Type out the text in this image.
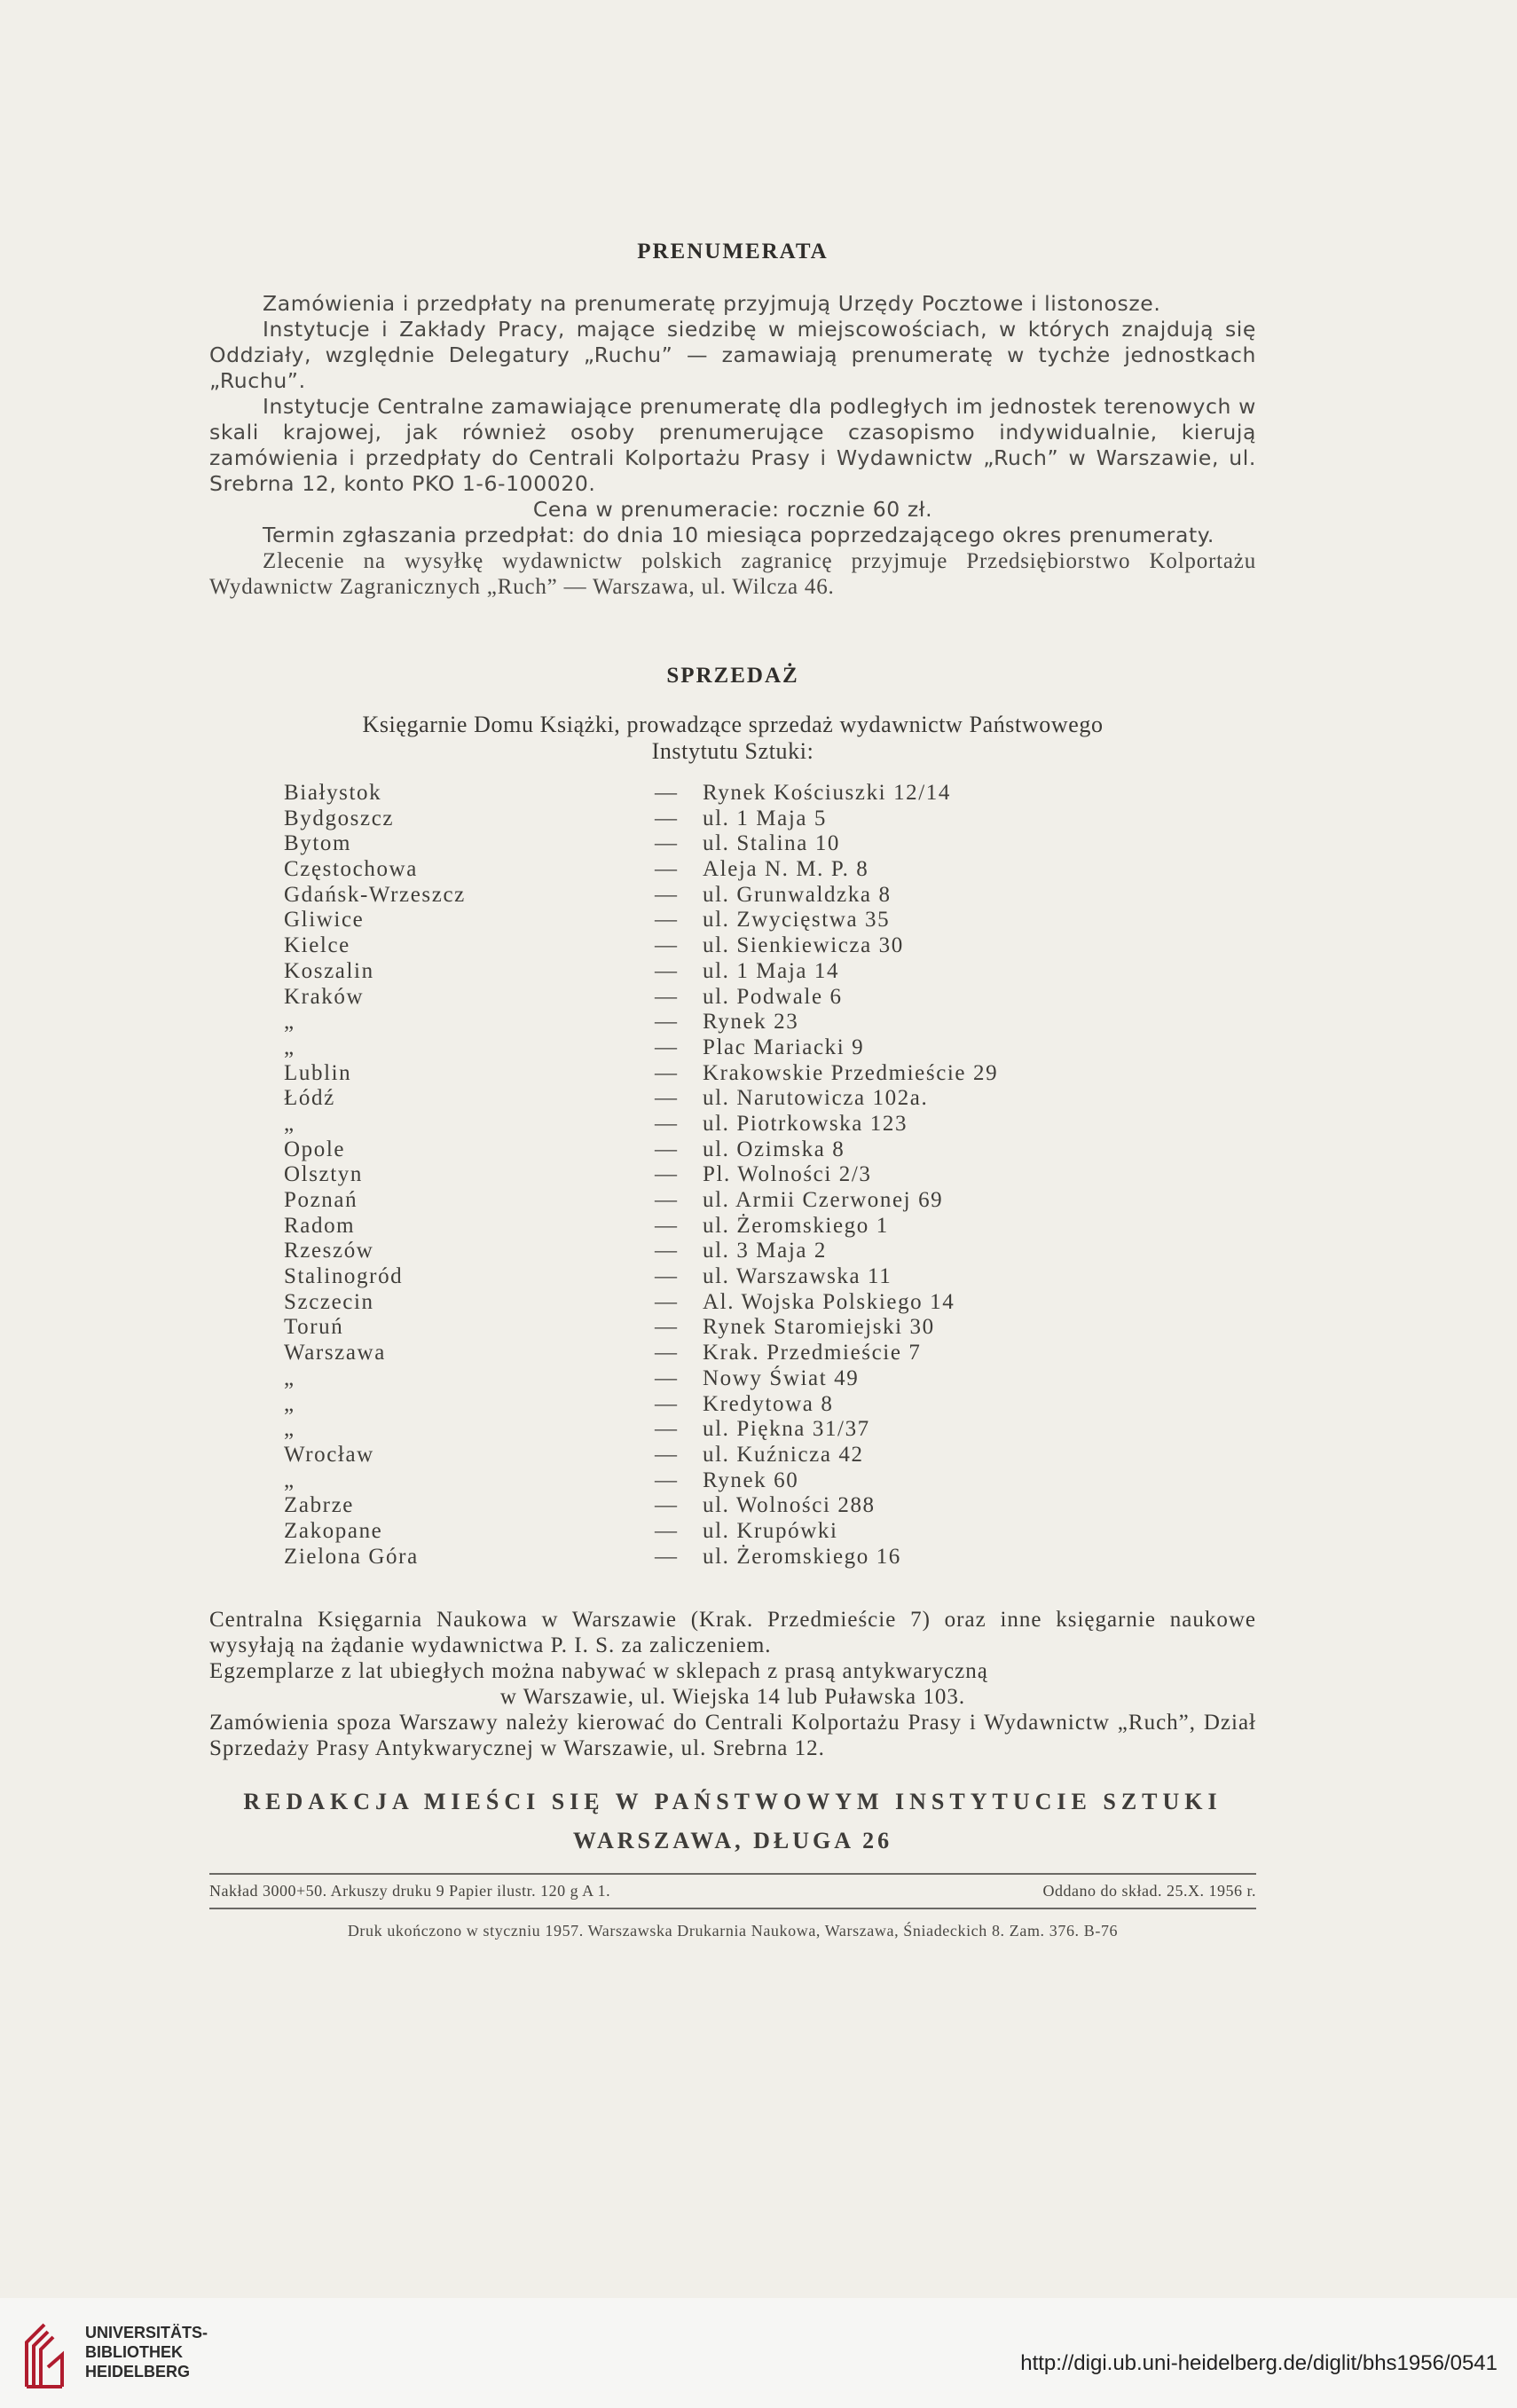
PRENUMERATA

Zamówienia i przedpłaty na prenumeratę przyjmują Urzędy Pocztowe i listonosze.

Instytucje i Zakłady Pracy, mające siedzibę w miejscowościach, w których znajdują się Oddziały, względnie Delegatury „Ruchu” — zamawiają prenumeratę w tychże jednostkach „Ruchu”.

Instytucje Centralne zamawiające prenumeratę dla podległych im jednostek terenowych w skali krajowej, jak również osoby prenumerujące czasopismo indywidualnie, kierują zamówienia i przedpłaty do Centrali Kolportażu Prasy i Wydawnictw „Ruch” w Warszawie, ul. Srebrna 12, konto PKO 1-6-100020.

Cena w prenumeracie: rocznie 60 zł.

Termin zgłaszania przedpłat: do dnia 10 miesiąca poprzedzającego okres prenumeraty.

Zlecenie na wysyłkę wydawnictw polskich zagranicę przyjmuje Przedsiębiorstwo Kolportażu Wydawnictw Zagranicznych „Ruch” — Warszawa, ul. Wilcza 46.

SPRZEDAŻ

Księgarnie Domu Książki, prowadzące sprzedaż wydawnictw Państwowego

Instytutu Sztuki:

Białystok	— Rynek Kościuszki 12/14
Bydgoszcz	— ul. 1 Maja 5
Bytom	— ul. Stalina 10
Częstochowa	— Aleja N. M. P. 8
Gdańsk-Wrzeszcz	— ul. Grunwaldzka 8
Gliwice	— ul. Zwycięstwa 35
Kielce	— ul. Sienkiewicza 30
Koszalin	— ul. 1 Maja 14
Kraków	— ul. Podwale 6
„	— Rynek 23
„	— Plac Mariacki 9
Lublin	— Krakowskie Przedmieście 29
Łódź	— ul. Narutowicza 102a.
„	— ul. Piotrkowska 123
Opole	— ul. Ozimska 8
Olsztyn	— Pl. Wolności 2/3
Poznań	— ul. Armii Czerwonej 69
Radom	— ul. Żeromskiego 1
Rzeszów	— ul. 3 Maja 2
Stalinogród	— ul. Warszawska 11
Szczecin	— Al. Wojska Polskiego 14
Toruń	— Rynek Staromiejski 30
Warszawa	— Krak. Przedmieście 7
„	— Nowy Świat 49
„	— Kredytowa 8
„	— ul. Piękna 31/37
Wrocław	— ul. Kuźnicza 42
„	— Rynek 60
Zabrze	— ul. Wolności 288
Zakopane	— ul. Krupówki
Zielona Góra	— ul. Żeromskiego 16

Centralna Księgarnia Naukowa w Warszawie (Krak. Przedmieście 7) oraz inne księgarnie naukowe wysyłają na żądanie wydawnictwa P. I. S. za zaliczeniem.

Egzemplarze z lat ubiegłych można nabywać w sklepach z prasą antykwaryczną

w Warszawie, ul. Wiejska 14 lub Puławska 103.

Zamówienia spoza Warszawy należy kierować do Centrali Kolportażu Prasy i Wydawnictw „Ruch”, Dział Sprzedaży Prasy Antykwarycznej w Warszawie, ul. Srebrna 12.

REDAKCJA MIEŚCI SIĘ W PAŃSTWOWYM INSTYTUCIE SZTUKI

WARSZAWA, DŁUGA 26

Nakład 3000+50. Arkuszy druku 9 Papier ilustr. 120 g A 1.	Oddano do skład. 25.X. 1956 r.
Druk ukończono w styczniu 1957. Warszawska Drukarnia Naukowa, Warszawa, Śniadeckich 8. Zam. 376. B-76
UNIVERSITÄTS-
BIBLIOTHEK
HEIDELBERG	http://digi.ub.uni-heidelberg.de/diglit/bhs1956/0541
